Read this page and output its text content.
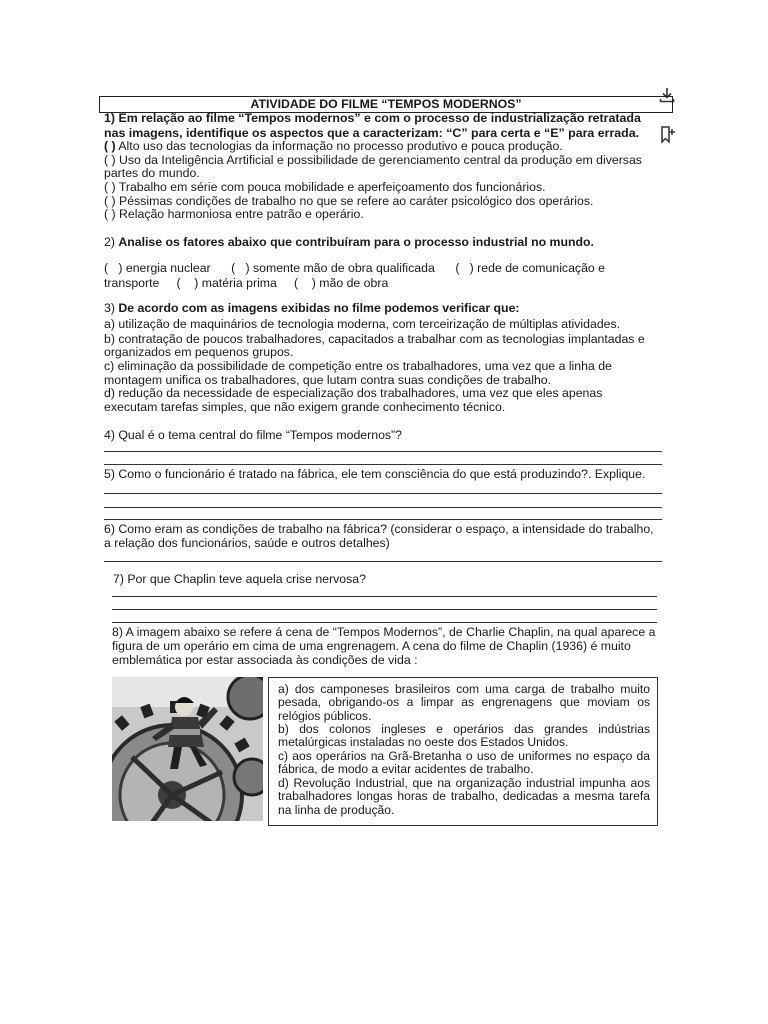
ATIVIDADE DO FILME “TEMPOS MODERNOS”
1) Em relação ao filme “Tempos modernos” e com o processo de industrialização retratada
nas imagens, identifique os aspectos que a caracterizam: “C” para certa e “E” para errada.
( ) Alto uso das tecnologias da informação no processo produtivo e pouca produção.
( ) Uso da Inteligência Arrtificial e possibilidade de gerenciamento central da produção em diversas
partes do mundo.
( ) Trabalho em série com pouca mobilidade e aperfeiçoamento dos funcionários.
( ) Péssimas condições de trabalho no que se refere ao caráter psicológico dos operários.
( ) Relação harmoniosa entre patrão e operário.
2) Analise os fatores abaixo que contribuíram para o processo industrial no mundo.
(   ) energia nuclear      (   ) somente mão de obra qualificada      (   ) rede de comunicação e
transporte     (    ) matéria prima     (    ) mão de obra
3) De acordo com as imagens exibidas no filme podemos verificar que:
a) utilização de maquinários de tecnologia moderna, com terceirização de múltiplas atividades.
b) contratação de poucos trabalhadores, capacitados a trabalhar com as tecnologias implantadas e
organizados em pequenos grupos.
c) eliminação da possibilidade de competição entre os trabalhadores, uma vez que a linha de
montagem unifica os trabalhadores, que lutam contra suas condições de trabalho.
d) redução da necessidade de especialização dos trabalhadores, uma vez que eles apenas
executam tarefas simples, que não exigem grande conhecimento técnico.
4) Qual é o tema central do filme “Tempos modernos”?
5) Como o funcionário é tratado na fábrica, ele tem consciência do que está produzindo?. Explique.
6) Como eram as condições de trabalho na fábrica? (considerar o espaço, a intensidade do trabalho,
a relação dos funcionários, saúde e outros detalhes)
7) Por que Chaplin teve aquela crise nervosa?
8) A imagem abaixo se refere á cena de “Tempos Modernos”, de Charlie Chaplin, na qual aparece a
figura de um operário em cima de uma engrenagem. A cena do filme de Chaplin (1936) é muito
emblemática por estar associada às condições de vida :
a) dos camponeses brasileiros com uma carga de trabalho muito pesada, obrigando-os a limpar as engrenagens que moviam os relógios públicos.
b) dos colonos ingleses e operários das grandes indústrias metalúrgicas instaladas no oeste dos Estados Unidos.
c) aos operários na Grã-Bretanha o uso de uniformes no espaço da fábrica, de modo a evitar acidentes de trabalho.
d) Revolução Industrial, que na organização industrial impunha aos trabalhadores longas horas de trabalho, dedicadas a mesma tarefa na linha de produção.
